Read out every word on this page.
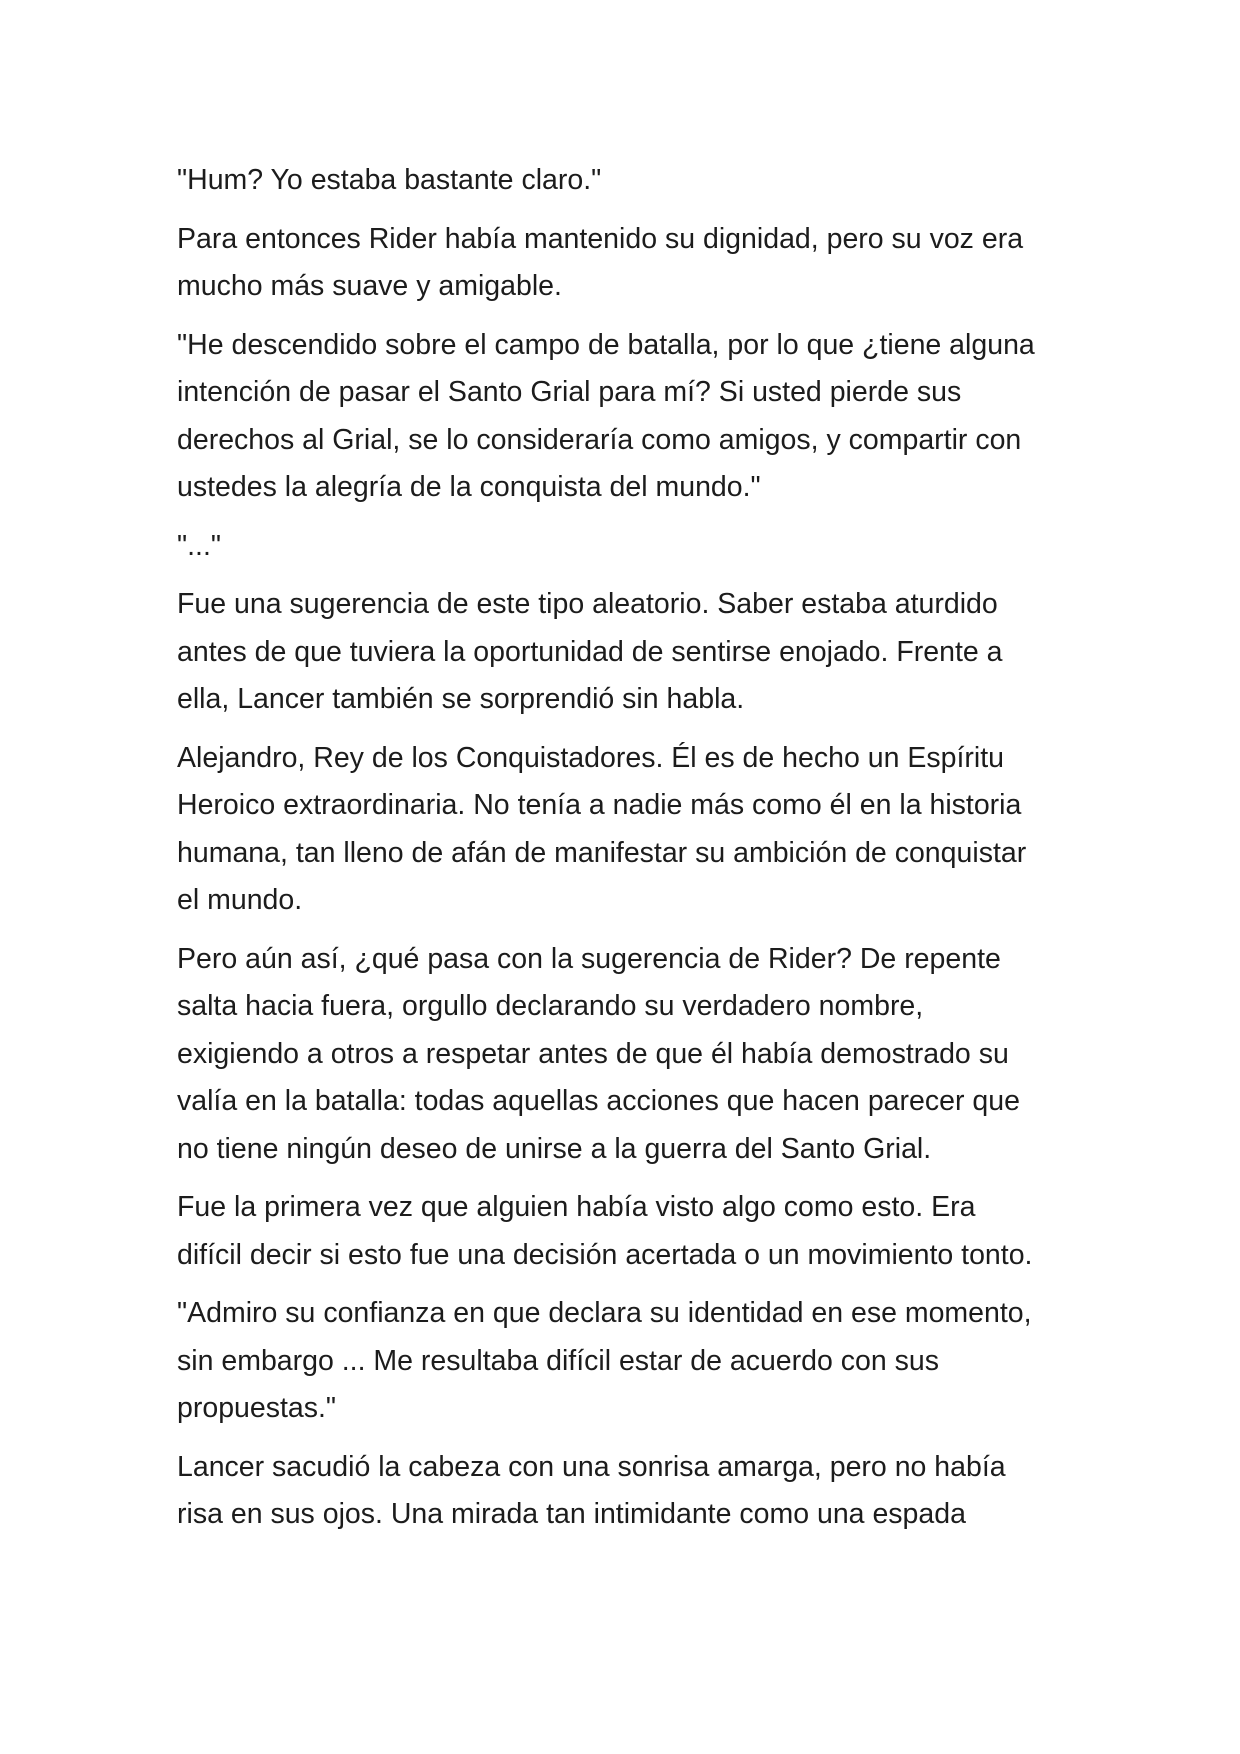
"Hum? Yo estaba bastante claro."

Para entonces Rider había mantenido su dignidad, pero su voz era
mucho más suave y amigable.

"He descendido sobre el campo de batalla, por lo que ¿tiene alguna
intención de pasar el Santo Grial para mí? Si usted pierde sus
derechos al Grial, se lo consideraría como amigos, y compartir con
ustedes la alegría de la conquista del mundo."

"..."

Fue una sugerencia de este tipo aleatorio. Saber estaba aturdido
antes de que tuviera la oportunidad de sentirse enojado. Frente a
ella, Lancer también se sorprendió sin habla.

Alejandro, Rey de los Conquistadores. Él es de hecho un Espíritu
Heroico extraordinaria. No tenía a nadie más como él en la historia
humana, tan lleno de afán de manifestar su ambición de conquistar
el mundo.

Pero aún así, ¿qué pasa con la sugerencia de Rider? De repente
salta hacia fuera, orgullo declarando su verdadero nombre,
exigiendo a otros a respetar antes de que él había demostrado su
valía en la batalla: todas aquellas acciones que hacen parecer que
no tiene ningún deseo de unirse a la guerra del Santo Grial.

Fue la primera vez que alguien había visto algo como esto. Era
difícil decir si esto fue una decisión acertada o un movimiento tonto.

"Admiro su confianza en que declara su identidad en ese momento,
sin embargo ... Me resultaba difícil estar de acuerdo con sus
propuestas."

Lancer sacudió la cabeza con una sonrisa amarga, pero no había
risa en sus ojos. Una mirada tan intimidante como una espada
